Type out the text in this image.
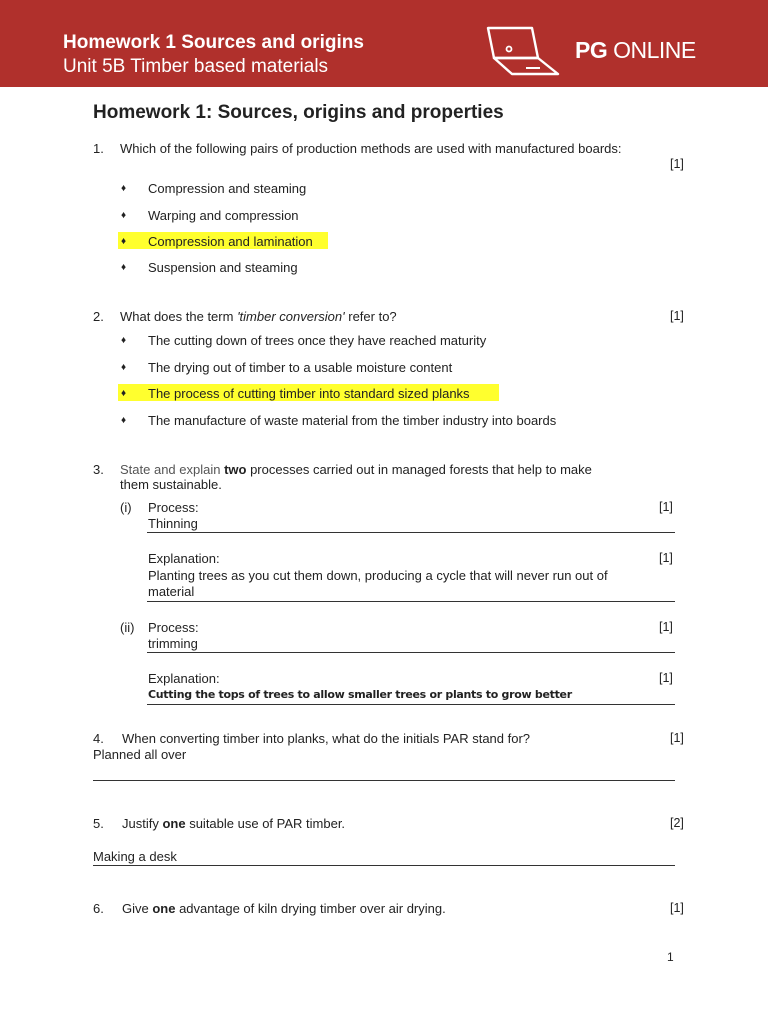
Homework 1 Sources and origins
Unit 5B Timber based materials
PG ONLINE
Homework 1: Sources, origins and properties
1. Which of the following pairs of production methods are used with manufactured boards:
[1]
♦ Compression and steaming
♦ Warping and compression
♦ Compression and lamination
♦ Suspension and steaming
2. What does the term 'timber conversion' refer to?	[1]
♦ The cutting down of trees once they have reached maturity
♦ The drying out of timber to a usable moisture content
♦ The process of cutting timber into standard sized planks
♦ The manufacture of waste material from the timber industry into boards
3. State and explain two processes carried out in managed forests that help to make
them sustainable.
(i) Process:	[1]
Thinning
Explanation:	[1]
Planting trees as you cut them down, producing a cycle that will never run out of
material
(ii) Process:	[1]
trimming
Explanation:	[1]
Cutting the tops of trees to allow smaller trees or plants to grow better
4. When converting timber into planks, what do the initials PAR stand for?	[1]
Planned all over
5. Justify one suitable use of PAR timber.	[2]
Making a desk
6. Give one advantage of kiln drying timber over air drying.	[1]
1
